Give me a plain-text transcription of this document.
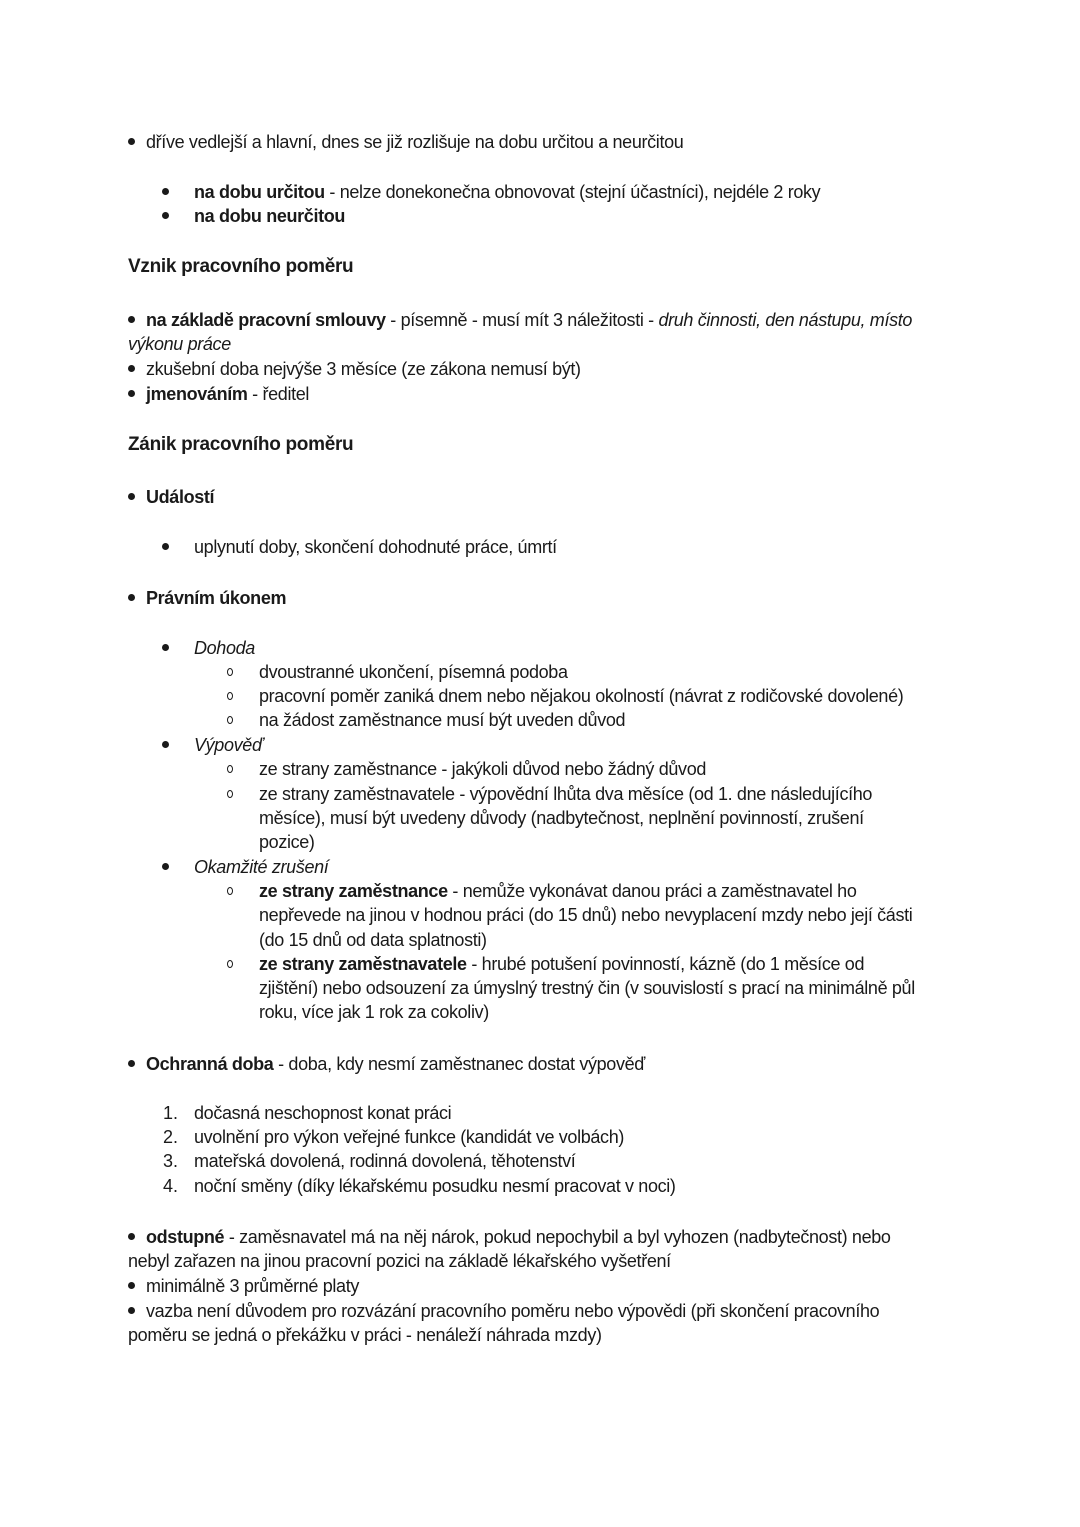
dříve vedlejší a hlavní, dnes se již rozlišuje na dobu určitou a neurčitou
na dobu určitou - nelze donekonečna obnovovat (stejní účastníci), nejdéle 2 roky
na dobu neurčitou
Vznik pracovního poměru
na základě pracovní smlouvy - písemně - musí mít 3 náležitosti - druh činnosti, den nástupu, místo
výkonu práce
zkušební doba nejvýše 3 měsíce (ze zákona nemusí být)
jmenováním - ředitel
Zánik pracovního poměru
Událostí
uplynutí doby, skončení dohodnuté práce, úmrtí
Právním úkonem
Dohoda
dvoustranné ukončení, písemná podoba
pracovní poměr zaniká dnem nebo nějakou okolností (návrat z rodičovské dovolené)
na žádost zaměstnance musí být uveden důvod
Výpověď
ze strany zaměstnance - jakýkoli důvod nebo žádný důvod
ze strany zaměstnavatele - výpovědní lhůta dva měsíce (od 1. dne následujícího
měsíce), musí být uvedeny důvody (nadbytečnost, neplnění povinností, zrušení
pozice)
Okamžité zrušení
ze strany zaměstnance - nemůže vykonávat danou práci a zaměstnavatel ho
nepřevede na jinou v hodnou práci (do 15 dnů) nebo nevyplacení mzdy nebo její části
(do 15 dnů od data splatnosti)
ze strany zaměstnavatele - hrubé potušení povinností, kázně (do 1 měsíce od
zjištění) nebo odsouzení za úmyslný trestný čin (v souvislostí s prací na minimálně půl
roku, více jak 1 rok za cokoliv)
Ochranná doba - doba, kdy nesmí zaměstnanec dostat výpověď
1. dočasná neschopnost konat práci
2. uvolnění pro výkon veřejné funkce (kandidát ve volbách)
3. mateřská dovolená, rodinná dovolená, těhotenství
4. noční směny (díky lékařskému posudku nesmí pracovat v noci)
odstupné - zaměsnavatel má na něj nárok, pokud nepochybil a byl vyhozen (nadbytečnost) nebo
nebyl zařazen na jinou pracovní pozici na základě lékařského vyšetření
minimálně 3 průměrné platy
vazba není důvodem pro rozvázání pracovního poměru nebo výpovědi (při skončení pracovního
poměru se jedná o překážku v práci - nenáleží náhrada mzdy)
